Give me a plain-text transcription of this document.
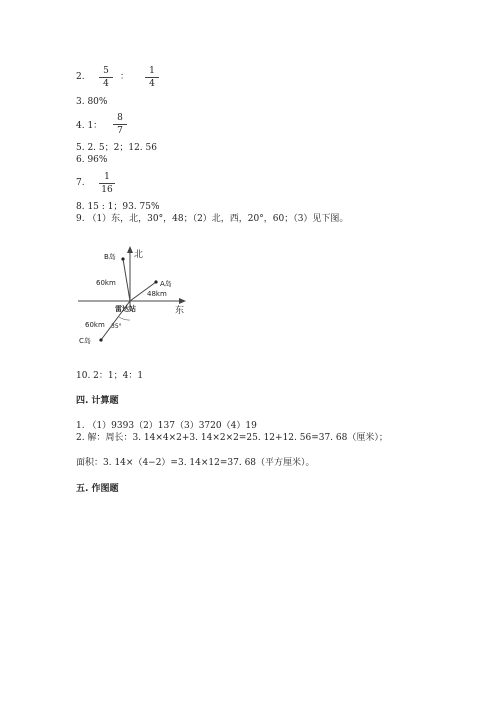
2.
5
4
：
1
4
3. 80%
4. 1：
8
7
5. 2. 5；2；12. 56
6. 96%
7.
1
16
8. 15 : 1；93. 75%
9. （1）东，北，30°，48；（2）北，西，20°，60；（3）见下图。
北
东
B岛
60km	A岛
48km
C岛
60km 35°
雷达站
10. 2：1；4：1
四. 计算题
1. （1）9393（2）137（3）3720（4）19
2. 解：周长：3. 14×4×2+3. 14×2×2=25. 12+12. 56=37. 68（厘米）；
面积：3. 14×（4−2）=3. 14×12=37. 68（平方厘米）。
五. 作图题
